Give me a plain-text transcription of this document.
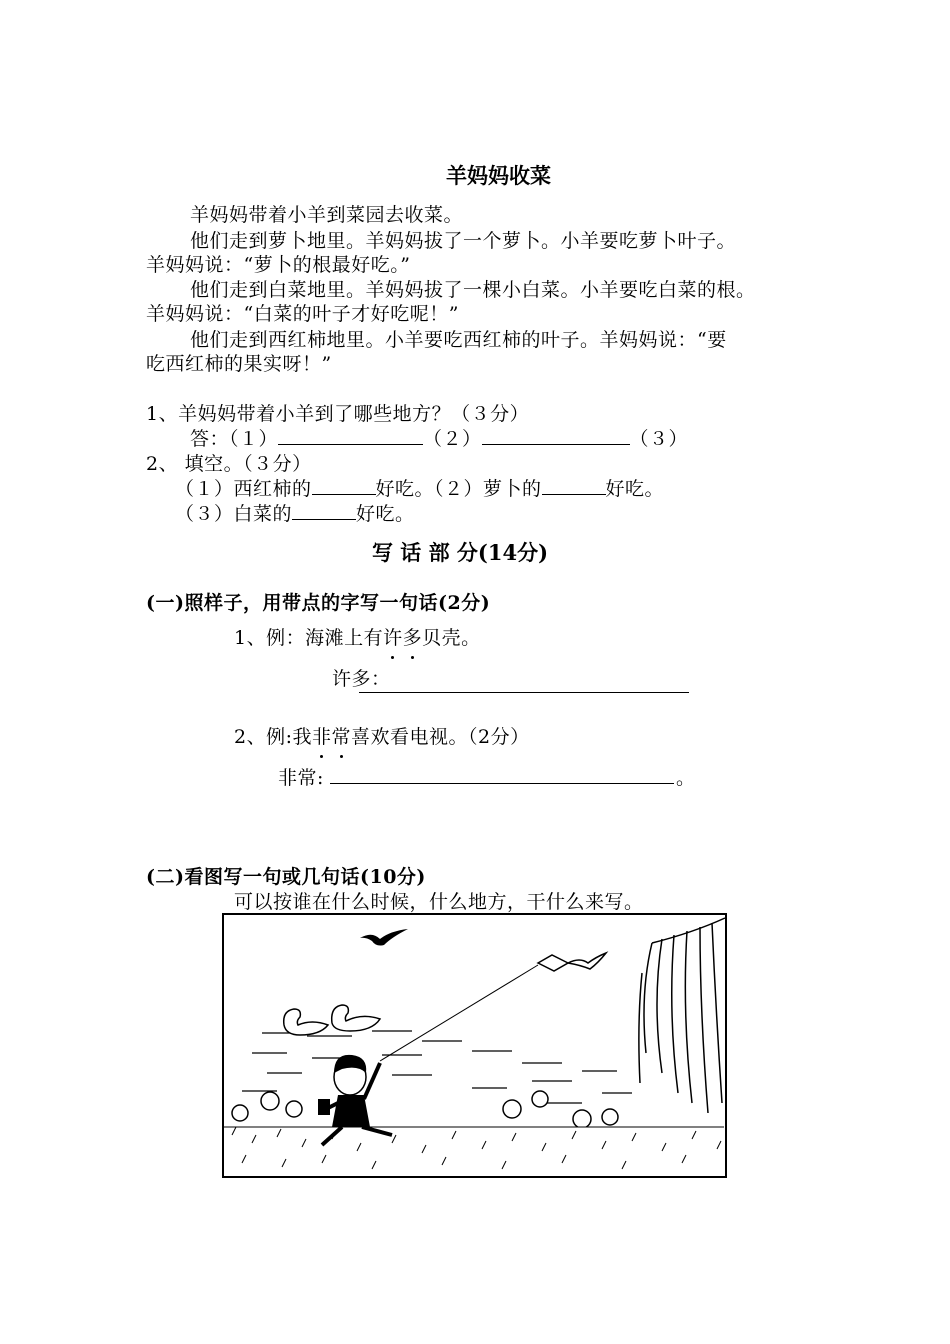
羊妈妈收菜
羊妈妈带着小羊到菜园去收菜。
他们走到萝卜地里。羊妈妈拔了一个萝卜。小羊要吃萝卜叶子。
羊妈妈说：“萝卜的根最好吃。”
他们走到白菜地里。羊妈妈拔了一棵小白菜。小羊要吃白菜的根。
羊妈妈说：“白菜的叶子才好吃呢！”
他们走到西红柿地里。小羊要吃西红柿的叶子。羊妈妈说：“要
吃西红柿的果实呀！”
1、羊妈妈带着小羊到了哪些地方？（３分）
答：（１）	（２）	（３）
2、 填空。（３分）
（１）西红柿的	好吃。（２）萝卜的	好吃。
（３）白菜的	好吃。
写 话 部 分(14分)
(一)照样子，用带点的字写一句话(2分)
1、例：海滩上有许多贝壳。
许多：
2、例:我非常喜欢看电视。（2分）
非常:	。
(二)看图写一句或几句话(10分)
可以按谁在什么时候，什么地方，干什么来写。
